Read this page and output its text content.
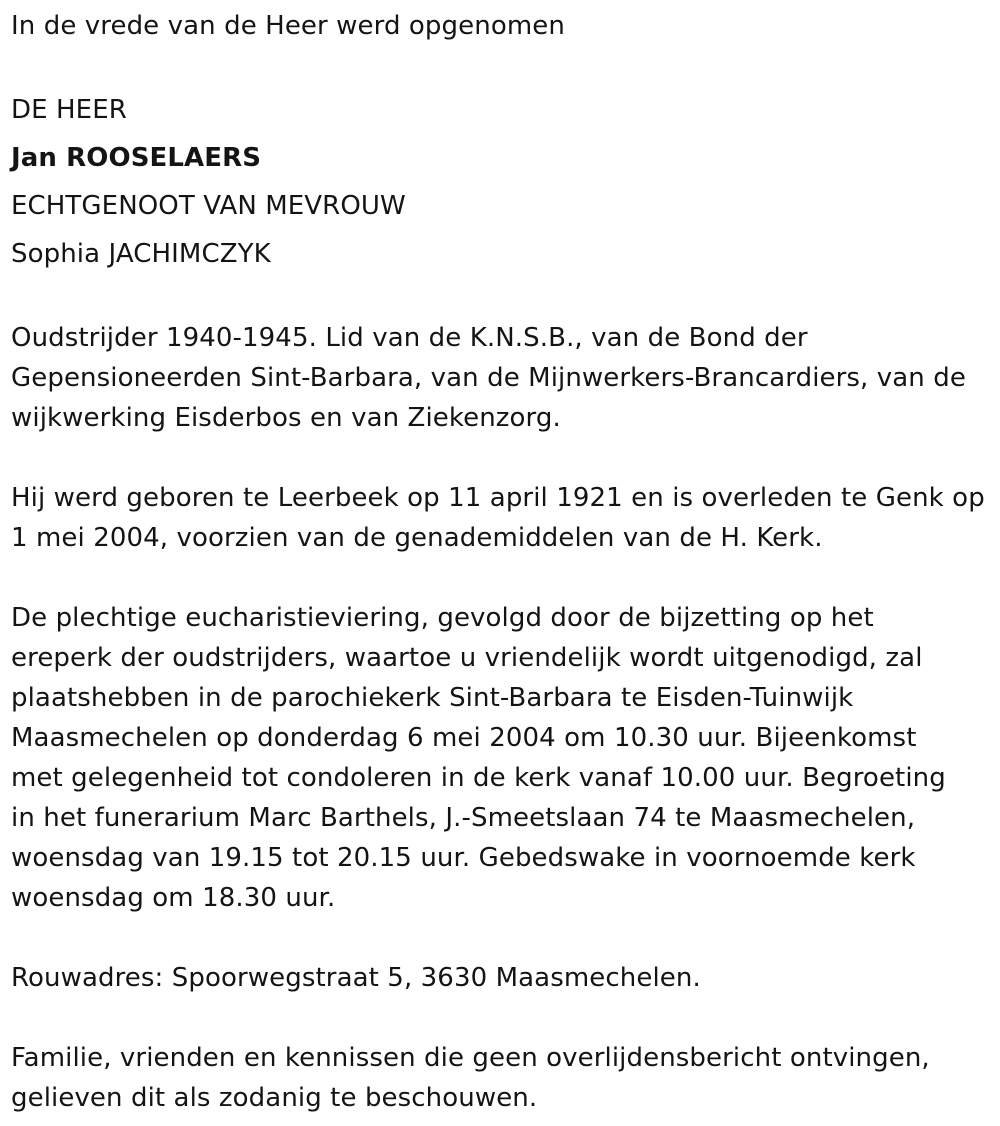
In de vrede van de Heer werd opgenomen
DE HEER
Jan ROOSELAERS
ECHTGENOOT VAN MEVROUW
Sophia JACHIMCZYK
Oudstrijder 1940-1945. Lid van de K.N.S.B., van de Bond der
Gepensioneerden Sint-Barbara, van de Mijnwerkers-Brancardiers, van de
wijkwerking Eisderbos en van Ziekenzorg.
Hij werd geboren te Leerbeek op 11 april 1921 en is overleden te Genk op
1 mei 2004, voorzien van de genademiddelen van de H. Kerk.
De plechtige eucharistieviering, gevolgd door de bijzetting op het
ereperk der oudstrijders, waartoe u vriendelijk wordt uitgenodigd, zal
plaatshebben in de parochiekerk Sint-Barbara te Eisden-Tuinwijk
Maasmechelen op donderdag 6 mei 2004 om 10.30 uur. Bijeenkomst
met gelegenheid tot condoleren in de kerk vanaf 10.00 uur. Begroeting
in het funerarium Marc Barthels, J.-Smeetslaan 74 te Maasmechelen,
woensdag van 19.15 tot 20.15 uur. Gebedswake in voornoemde kerk
woensdag om 18.30 uur.
Rouwadres: Spoorwegstraat 5, 3630 Maasmechelen.
Familie, vrienden en kennissen die geen overlijdensbericht ontvingen,
gelieven dit als zodanig te beschouwen.
